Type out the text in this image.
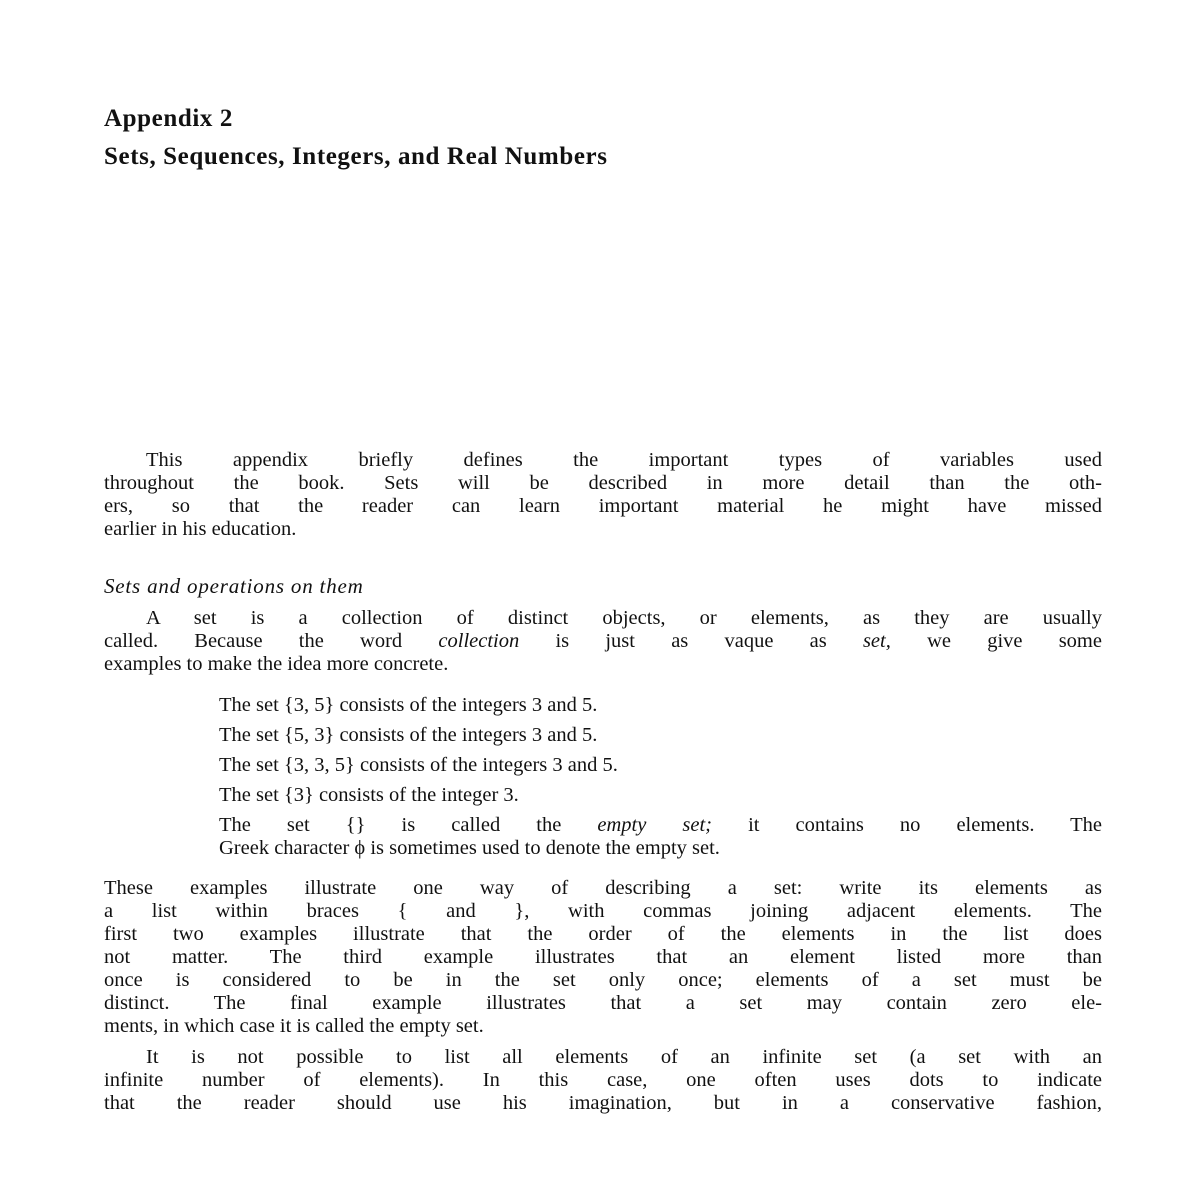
Appendix 2
Sets, Sequences, Integers, and Real Numbers
This appendix briefly defines the important types of variables used
throughout the book. Sets will be described in more detail than the oth-
ers, so that the reader can learn important material he might have missed
earlier in his education.
Sets and operations on them
A set is a collection of distinct objects, or elements, as they are usually
called. Because the word collection is just as vaque as set, we give some
examples to make the idea more concrete.
The set {3, 5} consists of the integers 3 and 5.
The set {5, 3} consists of the integers 3 and 5.
The set {3, 3, 5} consists of the integers 3 and 5.
The set {3} consists of the integer 3.
The set {} is called the empty set; it contains no elements. The
Greek character ϕ is sometimes used to denote the empty set.
These examples illustrate one way of describing a set: write its elements as
a list within braces { and }, with commas joining adjacent elements. The
first two examples illustrate that the order of the elements in the list does
not matter. The third example illustrates that an element listed more than
once is considered to be in the set only once; elements of a set must be
distinct. The final example illustrates that a set may contain zero ele-
ments, in which case it is called the empty set.
It is not possible to list all elements of an infinite set (a set with an
infinite number of elements). In this case, one often uses dots to indicate
that the reader should use his imagination, but in a conservative fashion,
